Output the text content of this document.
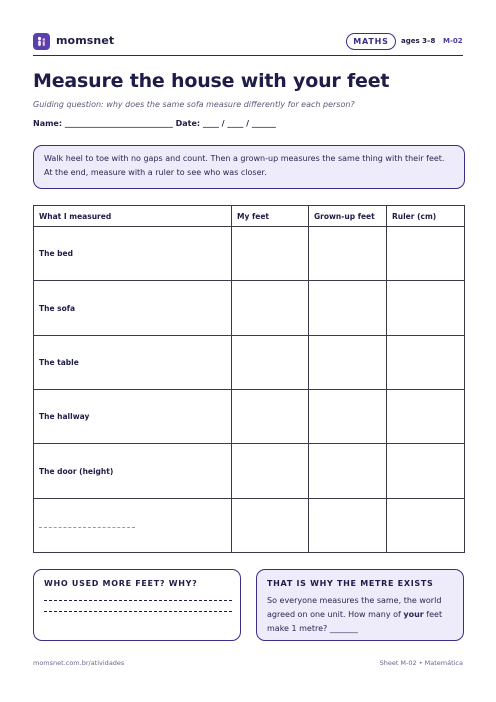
momsnet	MATHS	ages 3–8 M-02
Measure the house with your feet
Guiding question: why does the same sofa measure differently for each person?
Name: ___________________________ Date: ____ / ____ / ______
Walk heel to toe with no gaps and count. Then a grown-up measures the same thing with their feet. At the end, measure with a ruler to see who was closer.
What I measured	My feet	Grown-up feet	Ruler (cm)
The bed			
The sofa			
The table			
The hallway			
The door (height)			

WHO USED MORE FEET? WHY?	THAT IS WHY THE METRE EXISTS
So everyone measures the same, the world agreed on one unit. How many of your feet make 1 metre? _______
momsnet.com.br/atividades	Sheet M-02 • Matemática
